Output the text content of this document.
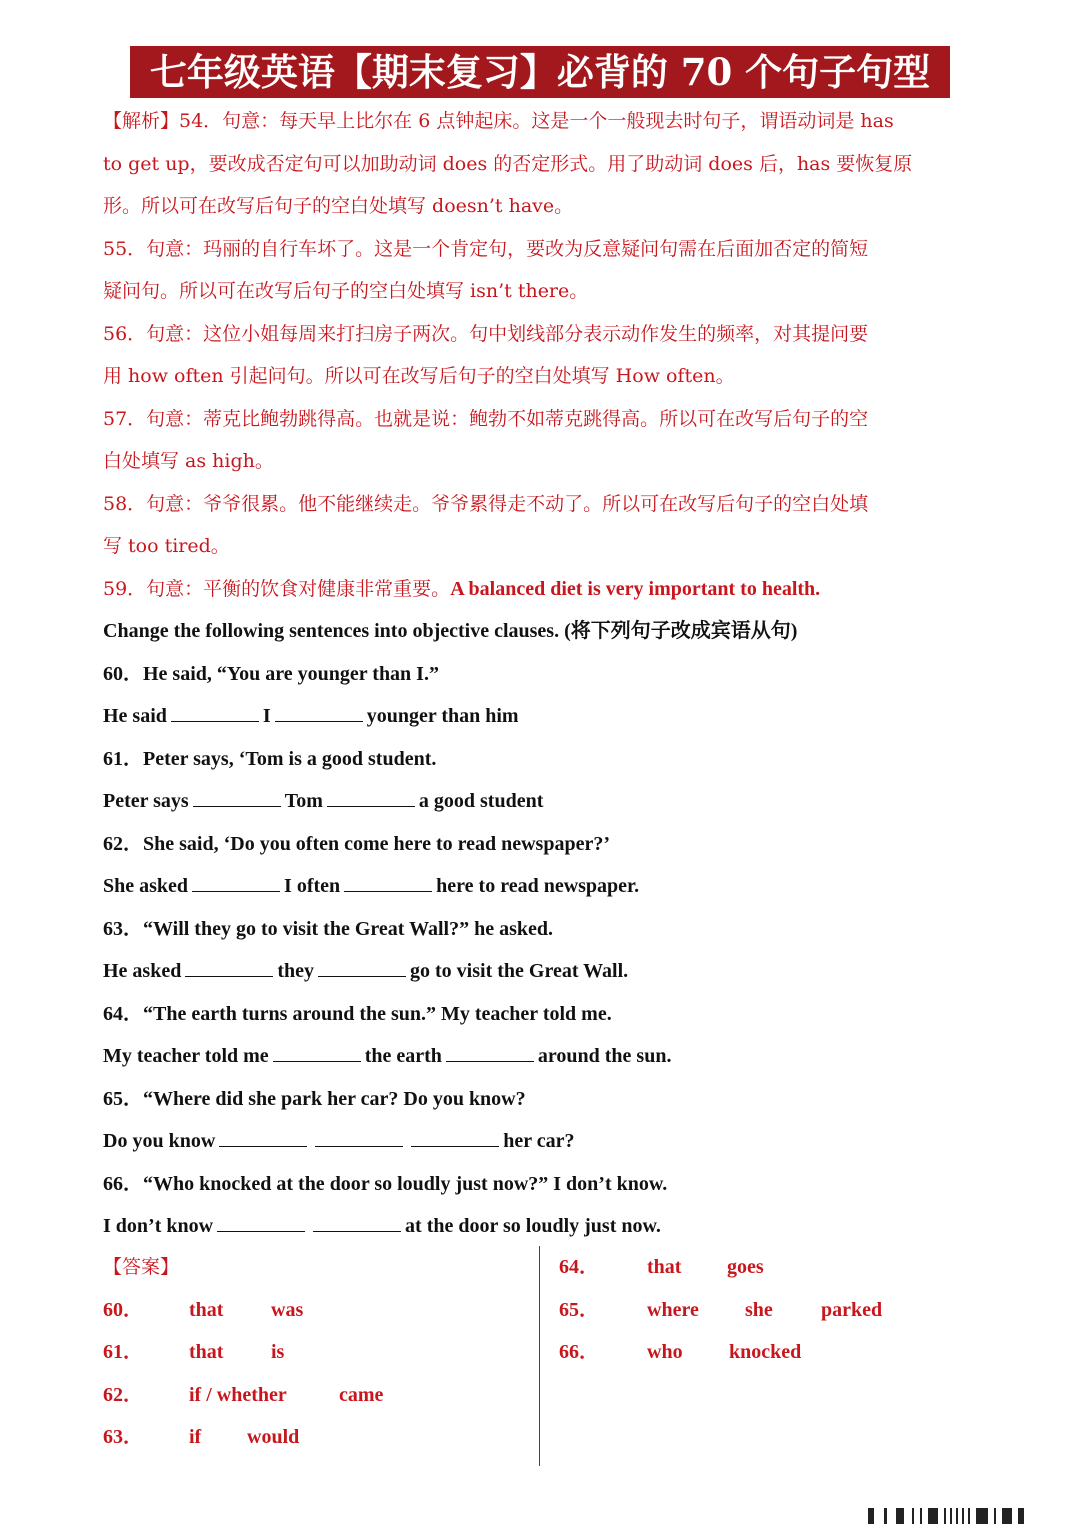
七年级英语【期末复习】必背的 70 个句子句型
【解析】54．句意：每天早上比尔在 6 点钟起床。这是一个一般现去时句子，谓语动词是 has
to get up，要改成否定句可以加助动词 does 的否定形式。用了助动词 does 后，has 要恢复原
形。所以可在改写后句子的空白处填写 doesn’t have。
55．句意：玛丽的自行车坏了。这是一个肯定句，要改为反意疑问句需在后面加否定的简短
疑问句。所以可在改写后句子的空白处填写 isn’t there。
56．句意：这位小姐每周来打扫房子两次。句中划线部分表示动作发生的频率，对其提问要
用 how often 引起问句。所以可在改写后句子的空白处填写 How often。
57．句意：蒂克比鲍勃跳得高。也就是说：鲍勃不如蒂克跳得高。所以可在改写后句子的空
白处填写 as high。
58．句意：爷爷很累。他不能继续走。爷爷累得走不动了。所以可在改写后句子的空白处填
写 too tired。
59．句意：平衡的饮食对健康非常重要。A balanced diet is very important to health.
Change the following sentences into objective clauses. (将下列句子改成宾语从句)
60．He said, “You are younger than I.”
He said	I	younger than him
61．Peter says, ‘Tom is a good student.
Peter says	Tom	a good student
62．She said, ‘Do you often come here to read newspaper?’
She asked	I often	here to read newspaper.
63．“Will they go to visit the Great Wall?” he asked.
He asked	they	go to visit the Great Wall.
64．“The earth turns around the sun.” My teacher told me.
My teacher told me	the earth	around the sun.
65．“Where did she park her car? Do you know?
Do you know	her car?
66．“Who knocked at the door so loudly just now?” I don’t know.
I don’t know	at the door so loudly just now.
【答案】
60． that was
61． that is
62． if / whether	came
63． if would
64． that goes
65． where she parked
66． who knocked
